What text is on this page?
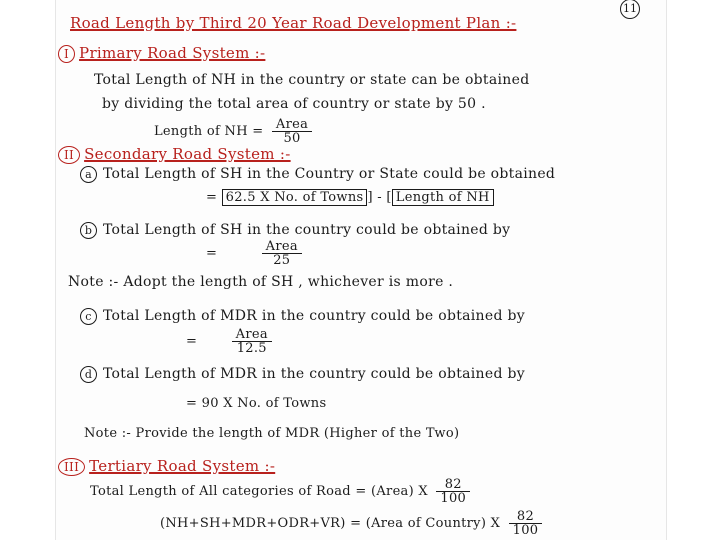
11
Road Length by Third 20 Year Road Development Plan :-
I Primary Road System :-
Total Length of NH in the country or state can be obtained
by dividing the total area of country or state by 50 .
Length of NH = $\frac{\text{Area}}{50}$
II Secondary Road System :-
a Total Length of SH in the Country or State could be obtained
= 62.5 X No. of Towns ] - [ Length of NH
b Total Length of SH in the country could be obtained by
=	$\frac{\text{Area}}{25}$
Note :- Adopt the length of SH , whichever is more .
c Total Length of MDR in the country could be obtained by
=	$\frac{\text{Area}}{12.5}$
d Total Length of MDR in the country could be obtained by
= 90 X No. of Towns
Note :- Provide the length of MDR (Higher of the Two)
III Tertiary Road System :-
Total Length of All categories of Road = (Area) X $\frac{82}{100}$
(NH+SH+MDR+ODR+VR) = (Area of Country) X $\frac{82}{100}$
